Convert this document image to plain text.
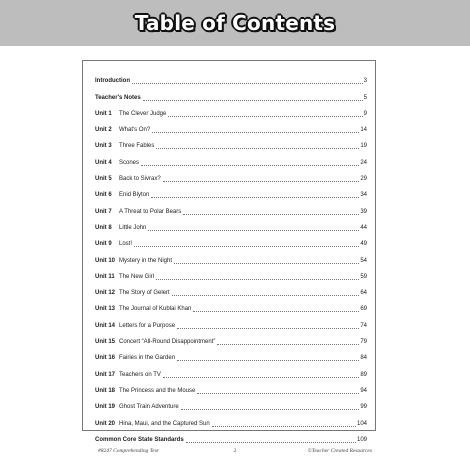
Table of Contents
Introduction	3
Teacher's Notes	5
Unit 1	The Clever Judge	9
Unit 2	What's On?	14
Unit 3	Three Fables	19
Unit 4	Scones	24
Unit 5	Back to Sivrax?	29
Unit 6	Enid Blyton	34
Unit 7	A Threat to Polar Bears	39
Unit 8	Little John	44
Unit 9	Lost!	49
Unit 10 Mystery in the Night	54
Unit 11 The New Girl	59
Unit 12 The Story of Gelert	64
Unit 13 The Journal of Kublai Khan	69
Unit 14 Letters for a Purpose	74
Unit 15 Concert “All-Round Disappointment”	79
Unit 16 Fairies in the Garden	84
Unit 17 Teachers on TV	89
Unit 18 The Princess and the Mouse	94
Unit 19 Ghost Train Adventure	99
Unit 20 Hina, Maui, and the Captured Sun	104
Common Core State Standards	109
#8247 Comprehending Text	2	©Teacher Created Resources
